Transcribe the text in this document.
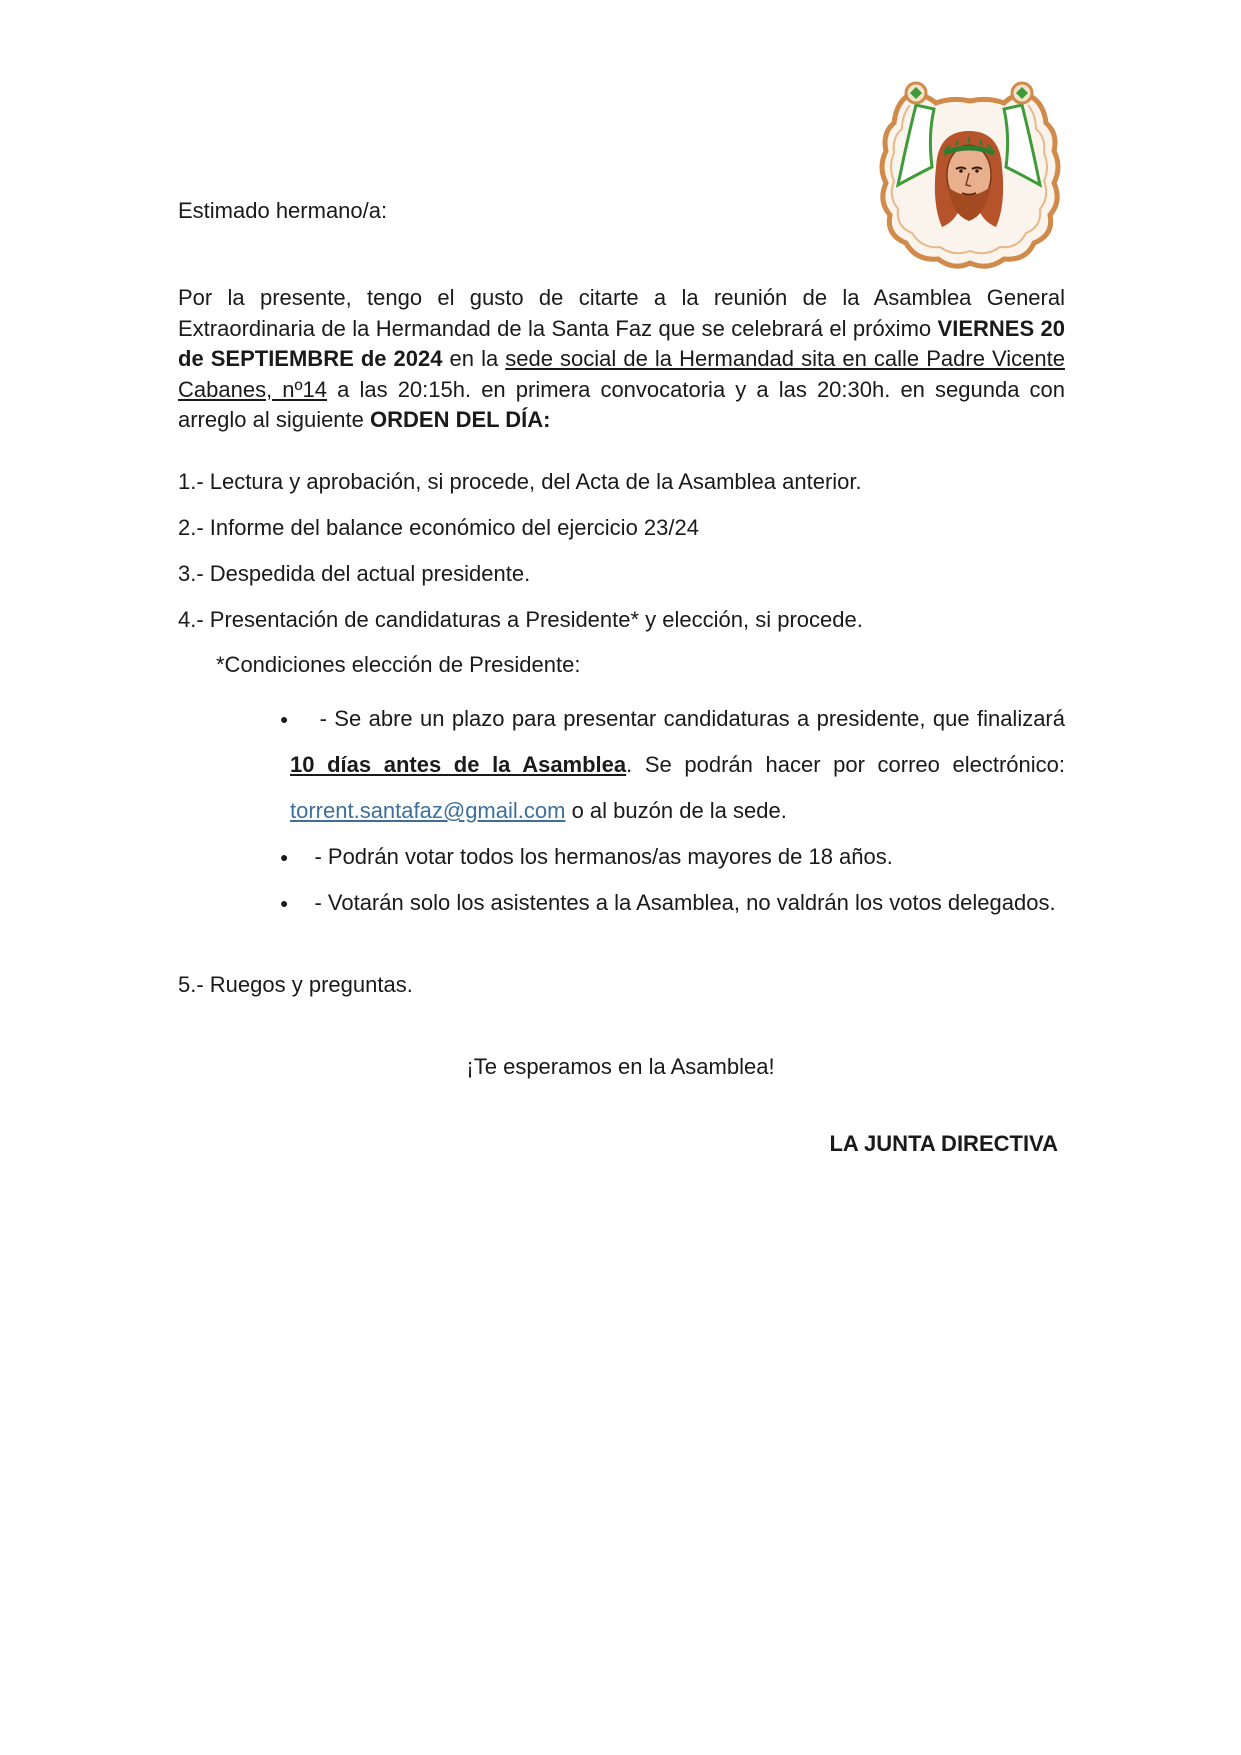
Estimado hermano/a:
Por la presente, tengo el gusto de citarte a la reunión de la Asamblea General Extraordinaria de la Hermandad de la Santa Faz que se celebrará el próximo VIERNES 20 de SEPTIEMBRE de 2024 en la sede social de la Hermandad sita en calle Padre Vicente Cabanes, nº14 a las 20:15h. en primera convocatoria y a las 20:30h. en segunda con arreglo al siguiente ORDEN DEL DÍA:

1.- Lectura y aprobación, si procede, del Acta de la Asamblea anterior.

2.- Informe del balance económico del ejercicio 23/24

3.- Despedida del actual presidente.

4.- Presentación de candidaturas a Presidente* y elección, si procede.

*Condiciones elección de Presidente:
● - Se abre un plazo para presentar candidaturas a presidente, que finalizará 10 días antes de la Asamblea. Se podrán hacer por correo electrónico: torrent.santafaz@gmail.com o al buzón de la sede.
● - Podrán votar todos los hermanos/as mayores de 18 años.
● - Votarán solo los asistentes a la Asamblea, no valdrán los votos delegados.
5.- Ruegos y preguntas.
¡Te esperamos en la Asamblea!
LA JUNTA DIRECTIVA
